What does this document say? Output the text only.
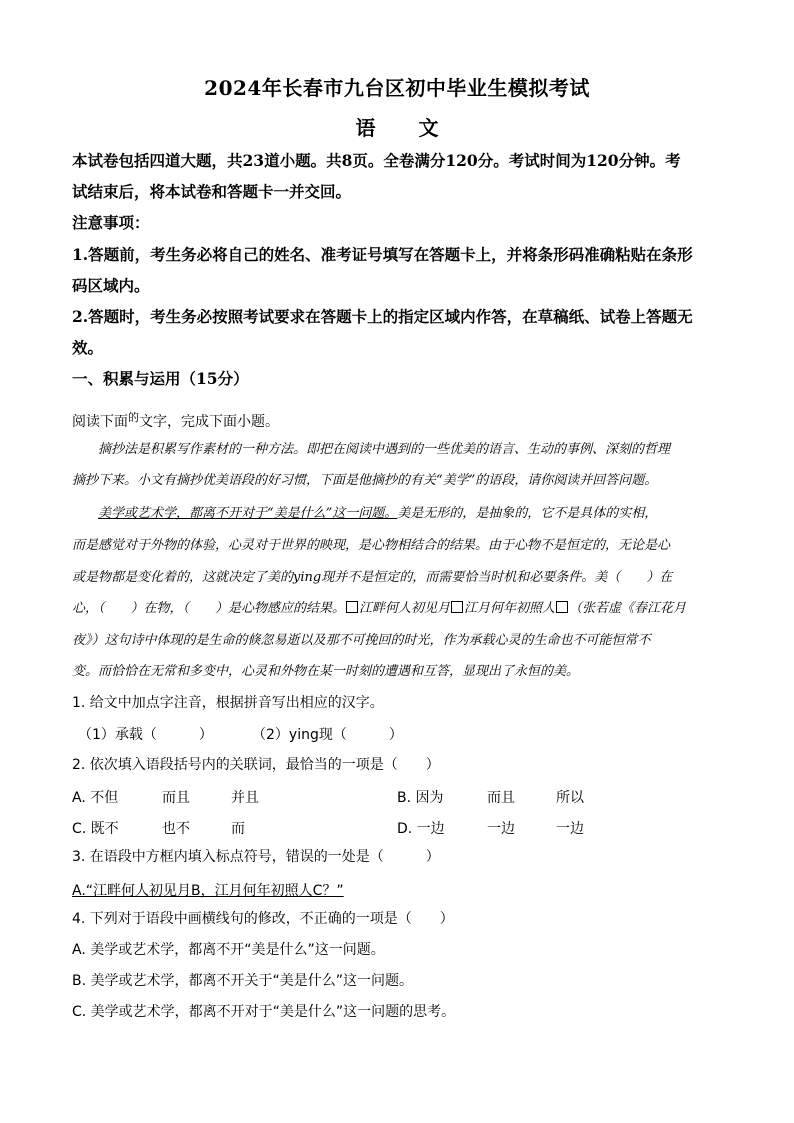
2024年长春市九台区初中毕业生模拟考试
语 文
本试卷包括四道大题，共23道小题。共8页。全卷满分120分。考试时间为120分钟。考
试结束后，将本试卷和答题卡一并交回。
注意事项：
1.答题前，考生务必将自己的姓名、准考证号填写在答题卡上，并将条形码准确粘贴在条形
码区域内。
2.答题时，考生务必按照考试要求在答题卡上的指定区域内作答，在草稿纸、试卷上答题无
效。
一、积累与运用（15分）
阅读下面$^的$文字，完成下面小题。
摘抄法是积累写作素材的一种方法。即把在阅读中遇到的一些优美的语言、生动的事例、深刻的哲理
摘抄下来。小文有摘抄优美语段的好习惯，下面是他摘抄的有关“美学”的语段，请你阅读并回答问题。
美学或艺术学，都离不开对于“美是什么”这一问题。美是无形的，是抽象的，它不是具体的实相，
而是感觉对于外物的体验，心灵对于世界的映现，是心物相结合的结果。由于心物不是恒定的，无论是心
或是物都是变化着的，这就决定了美的ying现并不是恒定的，而需要恰当时机和必要条件。美（　　）在
心，（　　）在物，（　　）是心物感应的结果。 江畔何人初见月 江月何年初照人 （张若虚《春江花月
夜》）这句诗中体现的是生命的倏忽易逝以及那不可挽回的时光，作为承载心灵的生命也不可能恒常不
变。而恰恰在无常和多变中，心灵和外物在某一时刻的遭遇和互答，显现出了永恒的美。
1. 给文中加点字注音，根据拼音写出相应的汉字。
（1）承载（　　　）	（2）ying现（　　　）
2. 依次填入语段括号内的关联词，最恰当的一项是（　　）
A. 不但	而且	并且	B. 因为	而且	所以
C. 既不	也不	而	D. 一边	一边	一边
3. 在语段中方框内填入标点符号，错误的一处是（　　　）
A.“江畔何人初见月B，江月何年初照人C？”
4. 下列对于语段中画横线句的修改，不正确的一项是（　　）
A. 美学或艺术学，都离不开“美是什么”这一问题。
B. 美学或艺术学，都离不开关于“美是什么”这一问题。
C. 美学或艺术学，都离不开对于“美是什么”这一问题的思考。
